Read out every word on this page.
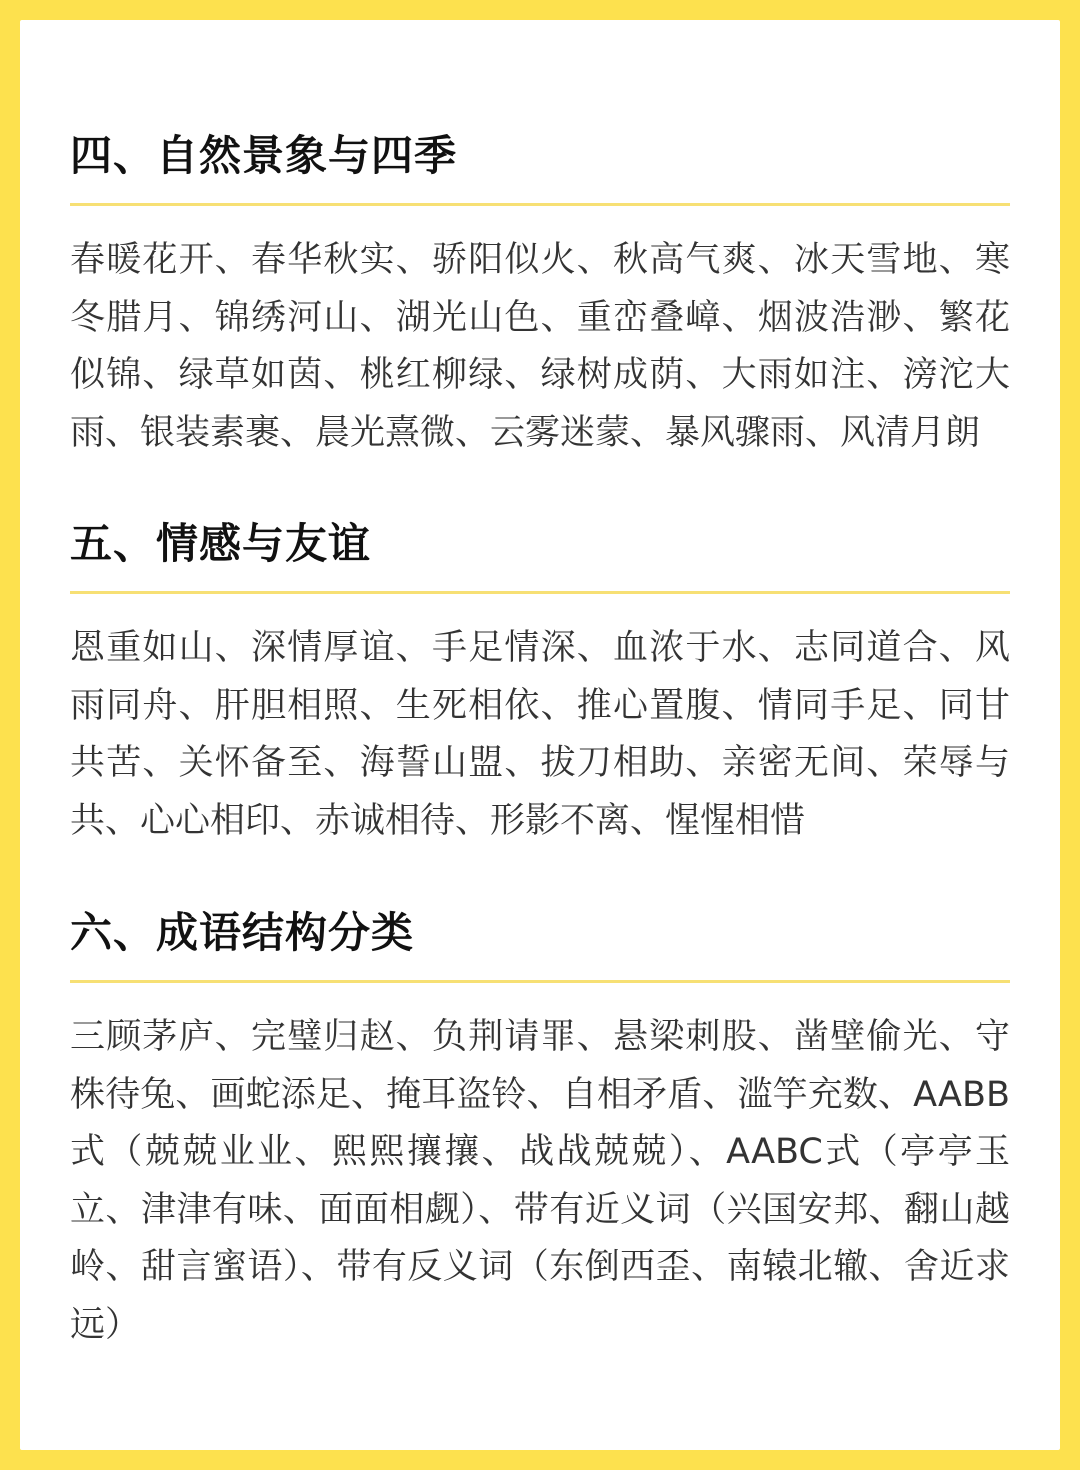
四、自然景象与四季

春暖花开、春华秋实、骄阳似火、秋高气爽、冰天雪地、寒冬腊月、锦绣河山、湖光山色、重峦叠嶂、烟波浩渺、繁花似锦、绿草如茵、桃红柳绿、绿树成荫、大雨如注、滂沱大雨、银装素裹、晨光熹微、云雾迷蒙、暴风骤雨、风清月朗

五、情感与友谊

恩重如山、深情厚谊、手足情深、血浓于水、志同道合、风雨同舟、肝胆相照、生死相依、推心置腹、情同手足、同甘共苦、关怀备至、海誓山盟、拔刀相助、亲密无间、荣辱与共、心心相印、赤诚相待、形影不离、惺惺相惜

六、成语结构分类

三顾茅庐、完璧归赵、负荆请罪、悬梁刺股、凿壁偷光、守株待兔、画蛇添足、掩耳盗铃、自相矛盾、滥竽充数、AABB式（兢兢业业、熙熙攘攘、战战兢兢）、AABC式（亭亭玉立、津津有味、面面相觑）、带有近义词（兴国安邦、翻山越岭、甜言蜜语）、带有反义词（东倒西歪、南辕北辙、舍近求远）
